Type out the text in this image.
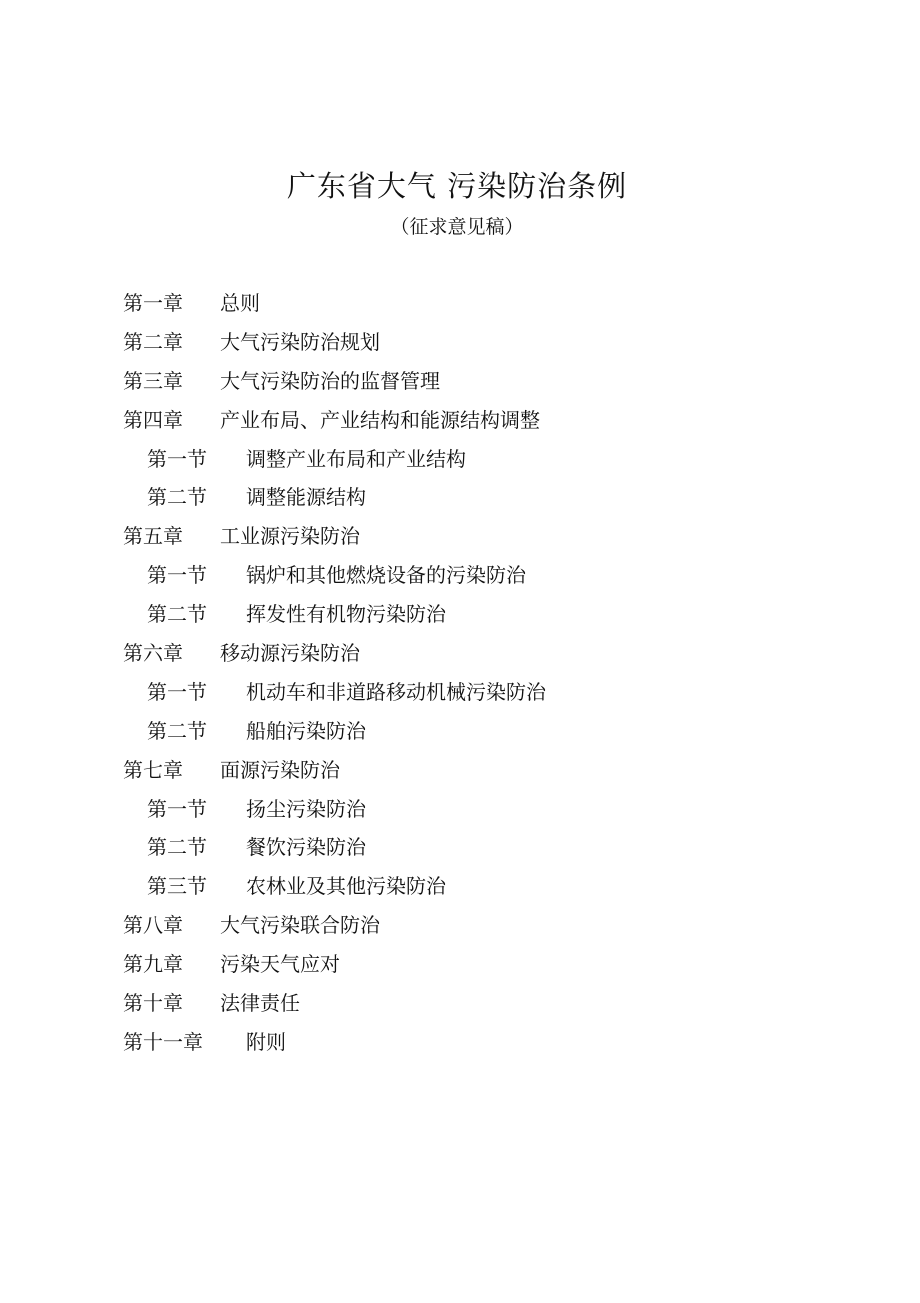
广东省大气 污染防治条例
（征求意见稿）
第一章 总则
第二章 大气污染防治规划
第三章 大气污染防治的监督管理
第四章 产业布局、产业结构和能源结构调整
第一节 调整产业布局和产业结构
第二节 调整能源结构
第五章 工业源污染防治
第一节 锅炉和其他燃烧设备的污染防治
第二节 挥发性有机物污染防治
第六章 移动源污染防治
第一节 机动车和非道路移动机械污染防治
第二节 船舶污染防治
第七章 面源污染防治
第一节 扬尘污染防治
第二节 餐饮污染防治
第三节 农林业及其他污染防治
第八章 大气污染联合防治
第九章 污染天气应对
第十章 法律责任
第十一章 附则
